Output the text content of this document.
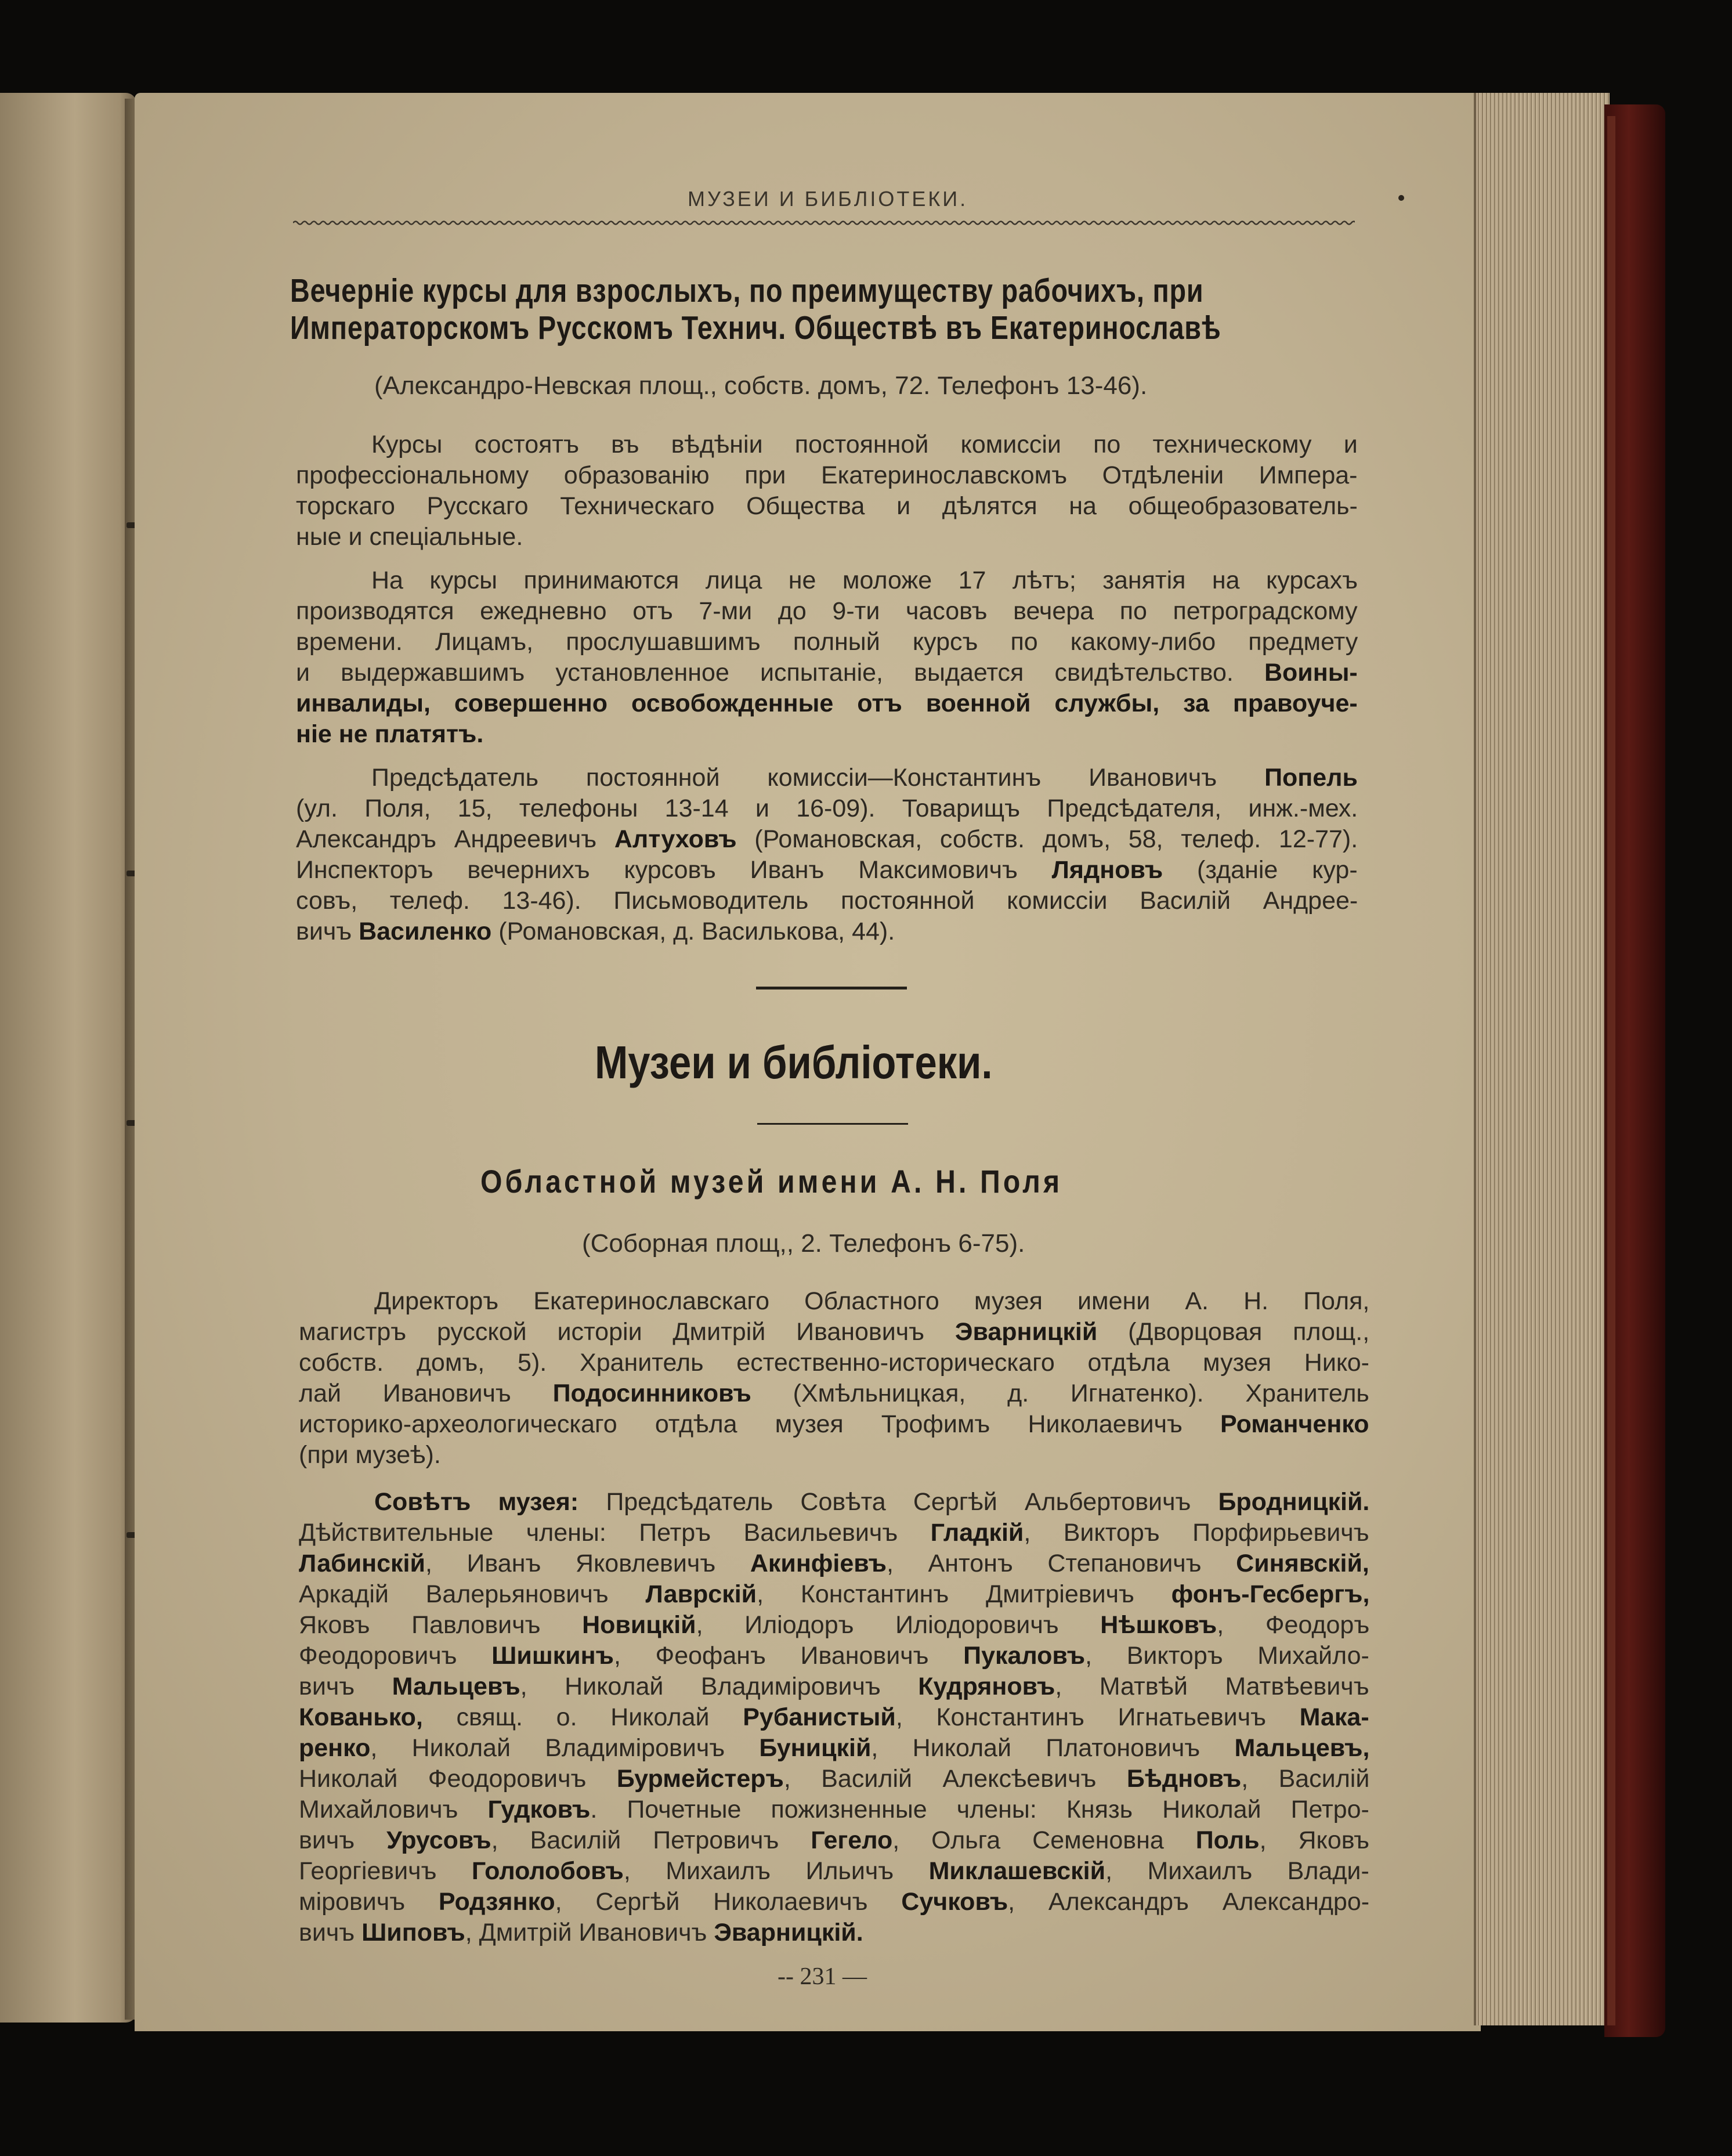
МУЗЕИ И БИБЛІОТЕКИ.
Вечерніе курсы для взрослыхъ, по преимуществу рабочихъ, при
Императорскомъ Русскомъ Технич. Обществѣ въ Екатеринославѣ
(Александро-Невская площ., собств. домъ, 72. Телефонъ 13-46).
Курсы состоятъ въ вѣдѣніи постоянной комиссіи по техническому и
профессіональному образованію при Екатеринославскомъ Отдѣленіи Импера-
торскаго Русскаго Техническаго Общества и дѣлятся на общеобразователь-
ные и спеціальные.
На курсы принимаются лица не моложе 17 лѣтъ; занятія на курсахъ
производятся ежедневно отъ 7-ми до 9-ти часовъ вечера по петроградскому
времени. Лицамъ, прослушавшимъ полный курсъ по какому-либо предмету
и выдержавшимъ установленное испытаніе, выдается свидѣтельство. Воины-
инвалиды, совершенно освобожденные отъ военной службы, за правоуче-
ніе не платятъ.
Предсѣдатель постоянной комиссіи—Константинъ Ивановичъ Попель
(ул. Поля, 15, телефоны 13-14 и 16-09). Товарищъ Предсѣдателя, инж.-мех.
Александръ Андреевичъ Алтуховъ (Романовская, собств. домъ, 58, телеф. 12-77).
Инспекторъ вечернихъ курсовъ Иванъ Максимовичъ Лядновъ (зданіе кур-
совъ, телеф. 13-46). Письмоводитель постоянной комиссіи Василій Андрее-
вичъ Василенко (Романовская, д. Василькова, 44).
Музеи и библіотеки.
Областной музей имени А. Н. Поля
(Соборная площ,, 2. Телефонъ 6-75).
Директоръ Екатеринославскаго Областного музея имени А. Н. Поля,
магистръ русской исторіи Дмитрій Ивановичъ Эварницкій (Дворцовая площ.,
собств. домъ, 5). Хранитель естественно-историческаго отдѣла музея Никo-
лай Ивановичъ Подосинниковъ (Хмѣльницкая, д. Игнатенко). Хранитель
историко-археологическаго отдѣла музея Трофимъ Николаевичъ Романченко
(при музеѣ).
Совѣтъ музея: Предсѣдатель Совѣта Сергѣй Альбертовичъ Бродницкій.
Дѣйствительные члены: Петръ Васильевичъ Гладкій, Викторъ Порфирьевичъ
Лабинскій, Иванъ Яковлевичъ Акинфіевъ, Антонъ Степановичъ Синявскій,
Аркадій Валерьяновичъ Лаврскій, Константинъ Дмитріевичъ фонъ-Гесбергъ,
Яковъ Павловичъ Новицкій, Иліодоръ Иліодоровичъ Нѣшковъ, Феодоръ
Феодоровичъ Шишкинъ, Феофанъ Ивановичъ Пукаловъ, Викторъ Михайло-
вичъ Мальцевъ, Николай Владиміровичъ Кудряновъ, Матвѣй Матвѣевичъ
Кованько, свящ. о. Николай Рубанистый, Константинъ Игнатьевичъ Мака-
ренко, Николай Владиміровичъ Буницкій, Николай Платоновичъ Мальцевъ,
Николай Феодоровичъ Бурмейстеръ, Василій Алексѣевичъ Бѣдновъ, Василій
Михайловичъ Гудковъ. Почетные пожизненные члены: Князь Николай Петро-
вичъ Урусовъ, Василій Петровичъ Гегело, Ольга Семеновна Поль, Яковъ
Георгіевичъ Гололобовъ, Михаилъ Ильичъ Миклашевскій, Михаилъ Влади-
міровичъ Родзянко, Сергѣй Николаевичъ Сучковъ, Александръ Александро-
вичъ Шиповъ, Дмитрій Ивановичъ Эварницкій.
-- 231 —
